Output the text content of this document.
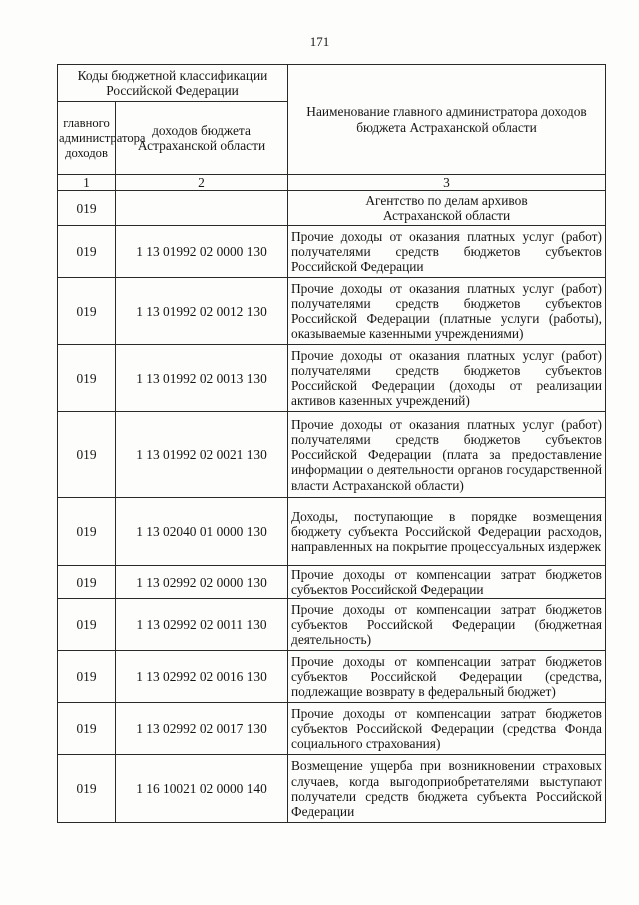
171
Коды бюджетной классификации Российской Федерации		Наименование главного администратора доходов бюджета Астраханской области
главного администратора доходов	доходов бюджета Астраханской области	
1	2	3
019		Агентство по делам архивов Астраханской области
019	1 13 01992 02 0000 130	Прочие доходы от оказания платных услуг (работ) получателями средств бюджетов субъектов Российской Федерации
019	1 13 01992 02 0012 130	Прочие доходы от оказания платных услуг (работ) получателями средств бюджетов субъектов Российской Федерации (платные услуги (работы), оказываемые казенными учреждениями)
019	1 13 01992 02 0013 130	Прочие доходы от оказания платных услуг (работ) получателями средств бюджетов субъектов Российской Федерации (доходы от реализации активов казенных учреждений)
019	1 13 01992 02 0021 130	Прочие доходы от оказания платных услуг (работ) получателями средств бюджетов субъектов Российской Федерации (плата за предоставление информации о деятельности органов государственной власти Астраханской области)
019	1 13 02040 01 0000 130	Доходы, поступающие в порядке возмещения бюджету субъекта Российской Федерации расходов, направленных на покрытие процессуальных издержек
019	1 13 02992 02 0000 130	Прочие доходы от компенсации затрат бюджетов субъектов Российской Федерации
019	1 13 02992 02 0011 130	Прочие доходы от компенсации затрат бюджетов субъектов Российской Федерации (бюджетная деятельность)
019	1 13 02992 02 0016 130	Прочие доходы от компенсации затрат бюджетов субъектов Российской Федерации (средства, подлежащие возврату в федеральный бюджет)
019	1 13 02992 02 0017 130	Прочие доходы от компенсации затрат бюджетов субъектов Российской Федерации (средства Фонда социального страхования)
019	1 16 10021 02 0000 140	Возмещение ущерба при возникновении страховых случаев, когда выгодоприобретателями выступают получатели средств бюджета субъекта Российской Федерации
